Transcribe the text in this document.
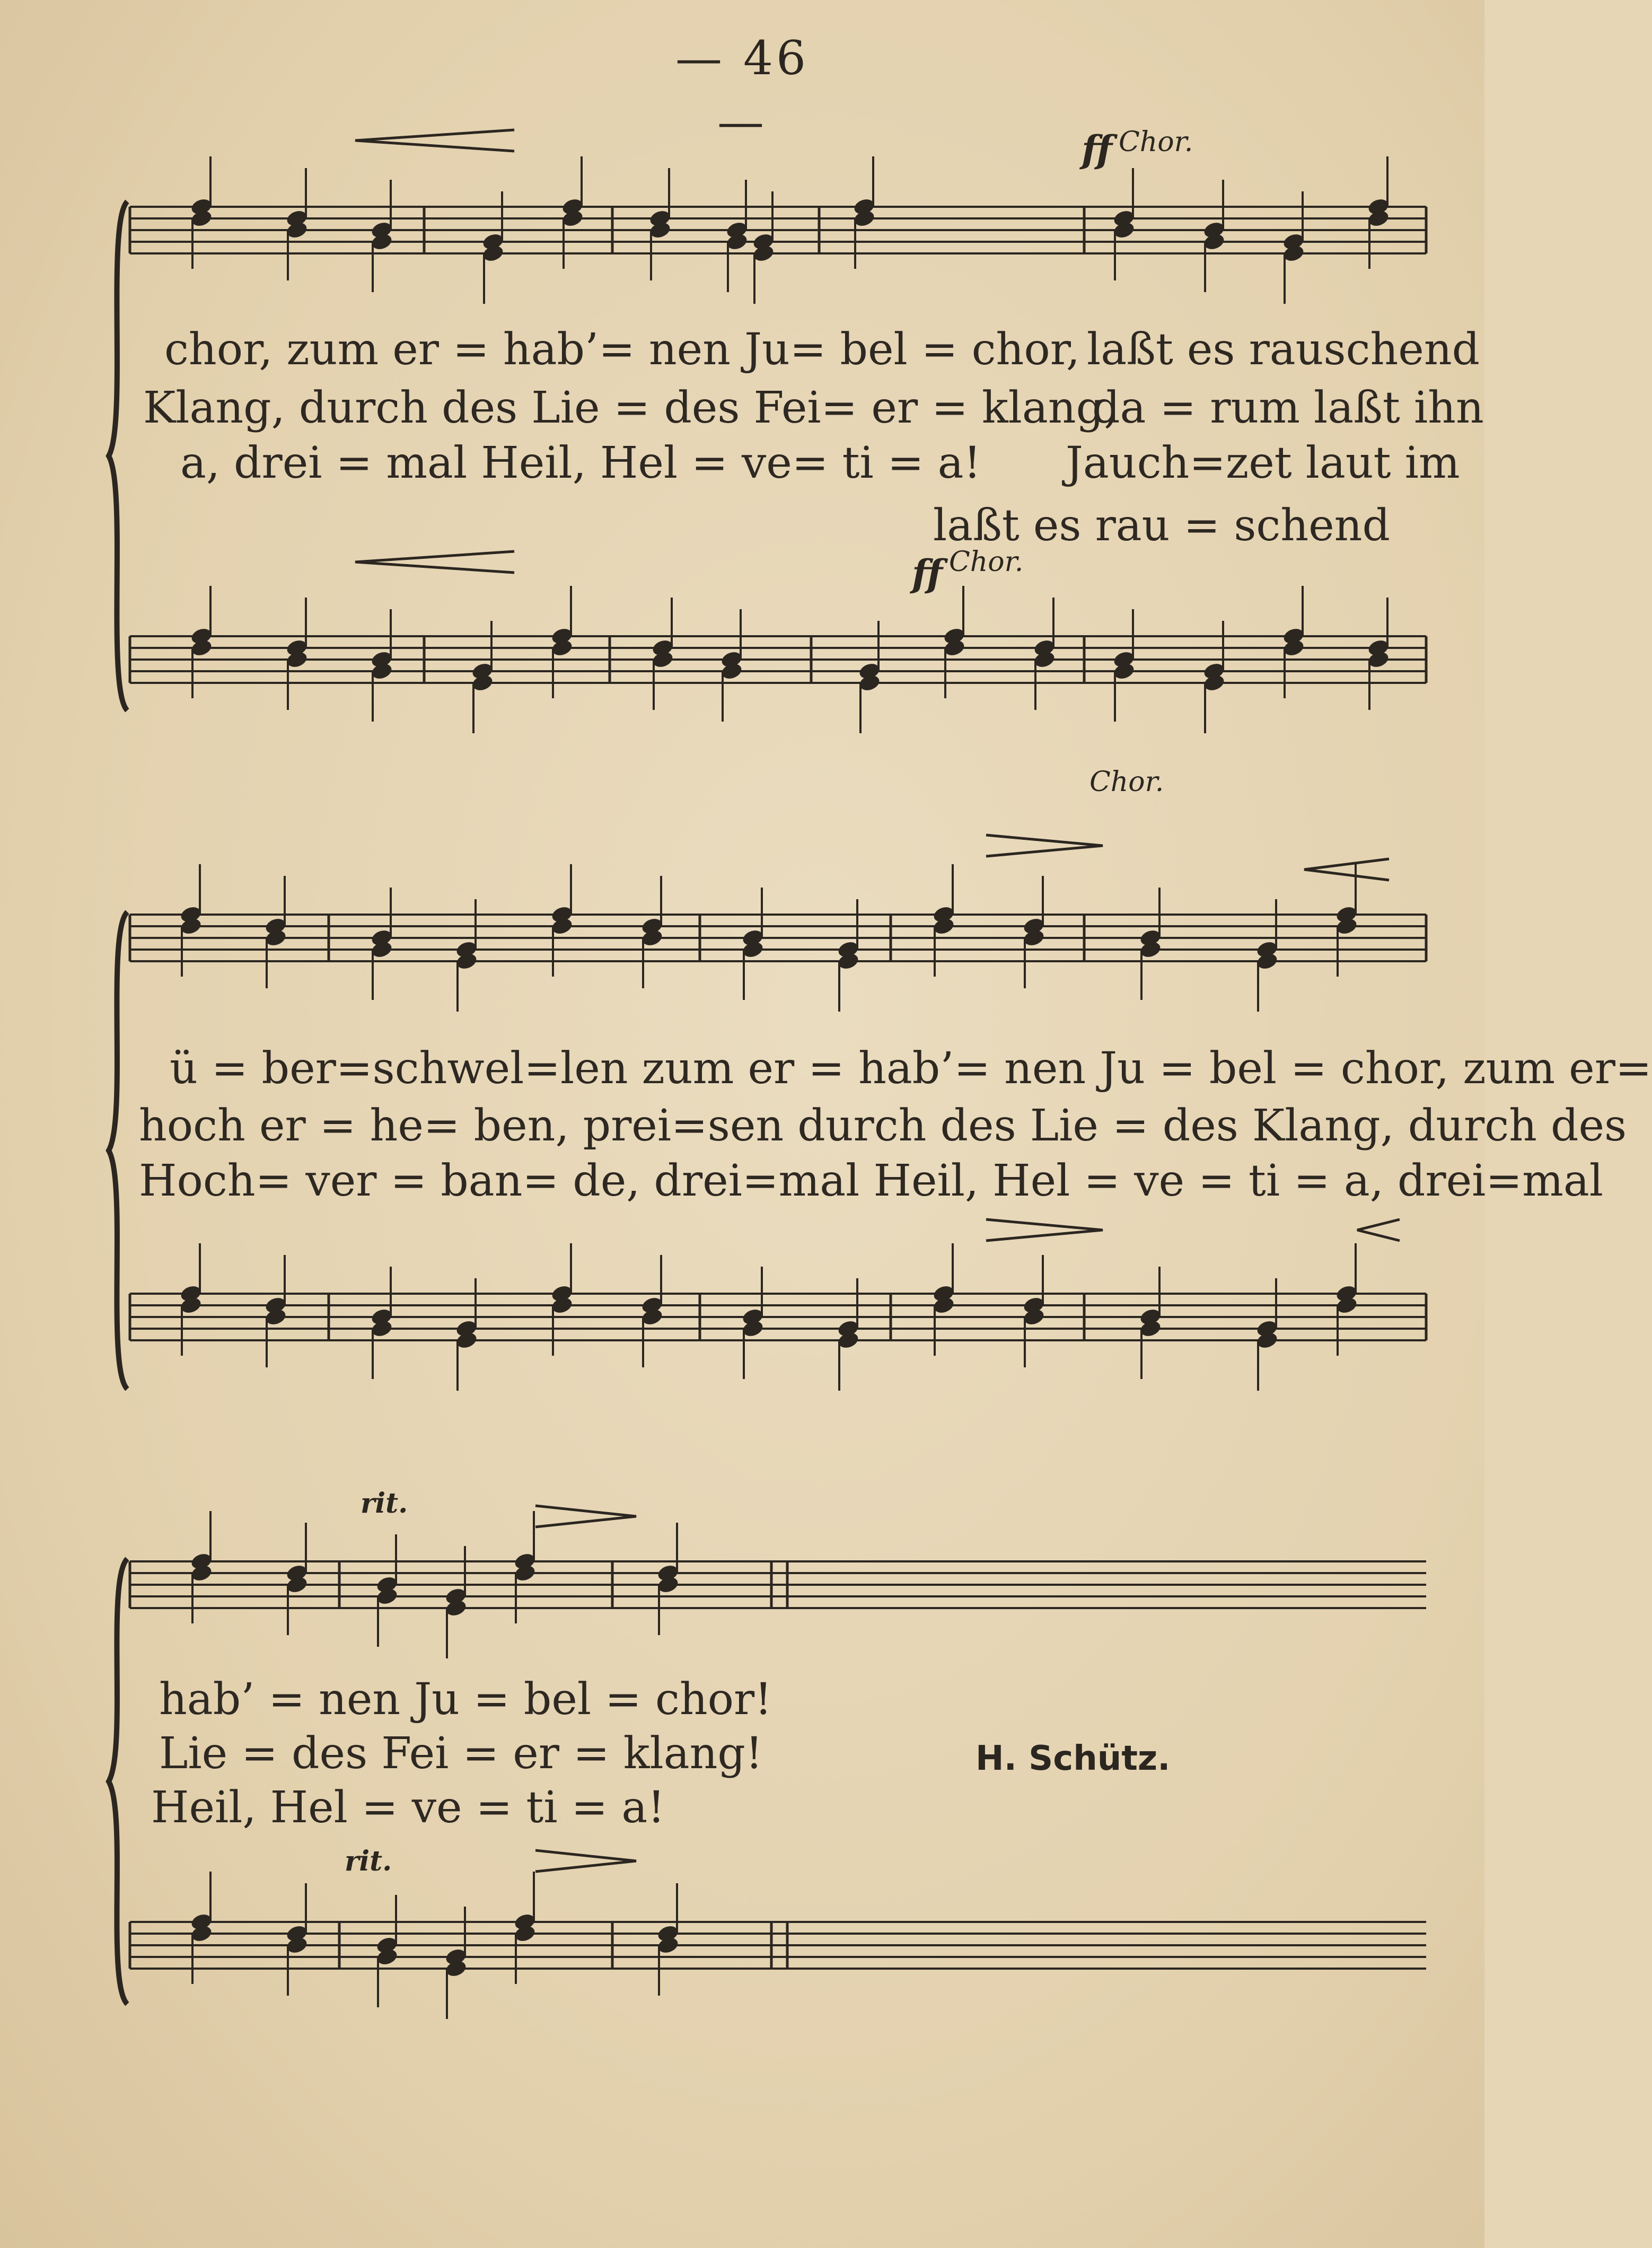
— 46 —
ff Chor.
ff Chor.
Chor.
rit.
rit.
chor, zum er = hab’= nen Ju= bel = chor, laßt es rauschend
Klang, durch des Lie = des Fei= er = klang,
da = rum laßt ihn
a, drei = mal Heil, Hel = ve= ti = a! Jauch=zet laut im
laßt es rau = schend
ü = ber=schwel=len zum er = hab’= nen Ju = bel = chor, zum er=
hoch er = he= ben, prei=sen durch des Lie = des Klang, durch des
Hoch= ver = ban= de, drei=mal Heil, Hel = ve = ti = a, drei=mal
hab’ = nen Ju = bel = chor!
Lie = des Fei = er = klang!
Heil, Hel = ve = ti = a!
H. Schütz.
